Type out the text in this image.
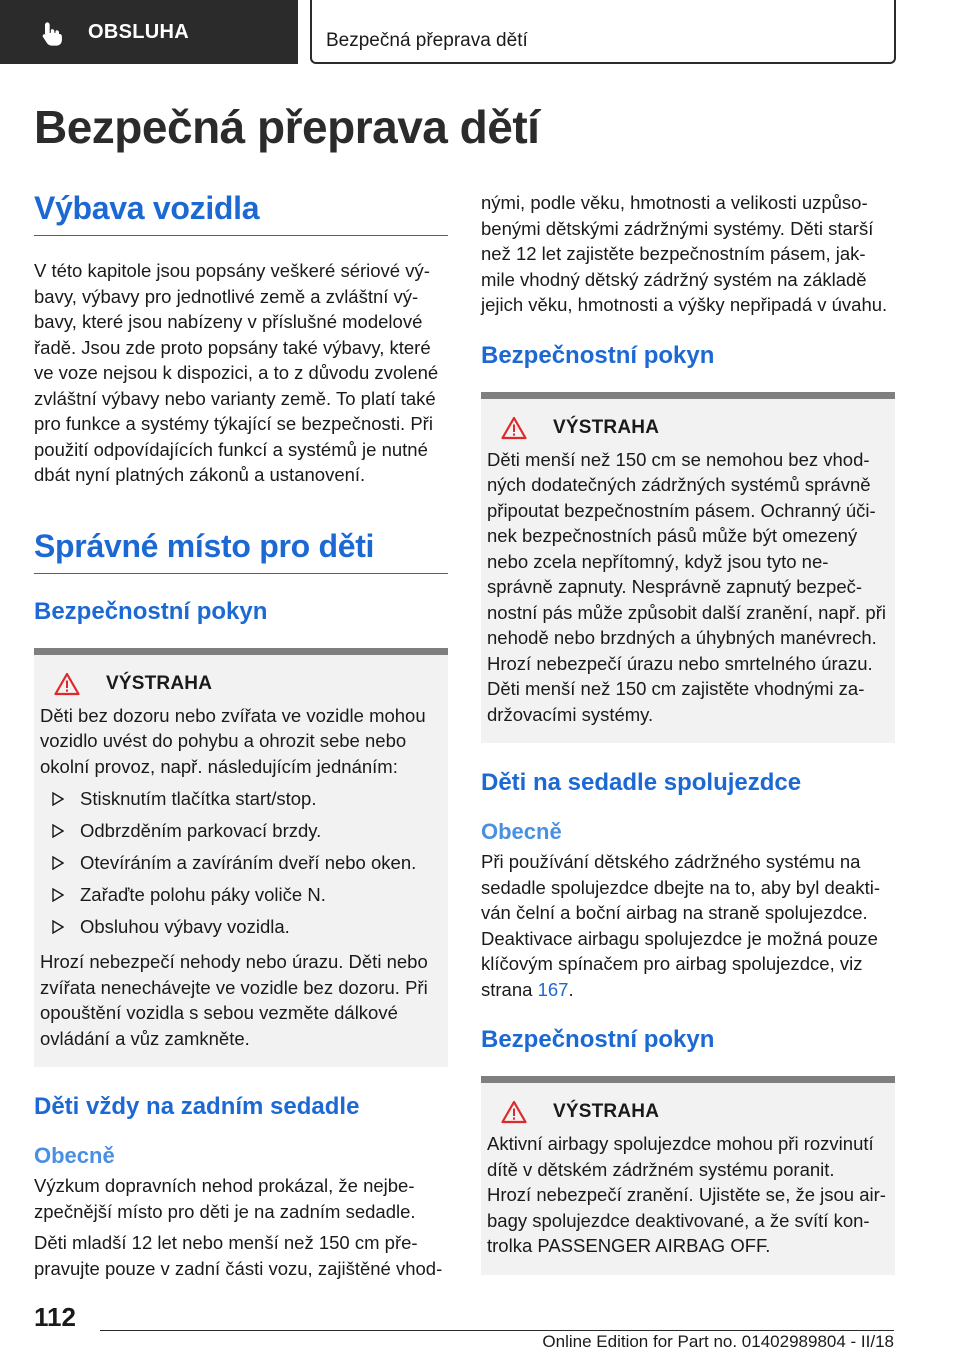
OBSLUHA	Bezpečná přeprava dětí
Bezpečná přeprava dětí
Výbava vozidla

V této kapitole jsou popsány veškeré sériové vý‐
bavy, výbavy pro jednotlivé země a zvláštní vý‐
bavy, které jsou nabízeny v příslušné modelové
řadě. Jsou zde proto popsány také výbavy, které
ve voze nejsou k dispozici, a to z důvodu zvolené
zvláštní výbavy nebo varianty země. To platí také
pro funkce a systémy týkající se bezpečnosti. Při
použití odpovídajících funkcí a systémů je nutné
dbát nyní platných zákonů a ustanovení.

Správné místo pro děti
Bezpečnostní pokyn
VÝSTRAHA

Děti bez dozoru nebo zvířata ve vozidle mohou
vozidlo uvést do pohybu a ohrozit sebe nebo
okolní provoz, např. následujícím jednáním:

Stisknutím tlačítka start/stop.
Odbrzděním parkovací brzdy.
Otevíráním a zavíráním dveří nebo oken.
Zařaďte polohu páky voliče N.
Obsluhou výbavy vozidla.

Hrozí nebezpečí nehody nebo úrazu. Děti nebo
zvířata nenechávejte ve vozidle bez dozoru. Při
opouštění vozidla s sebou vezměte dálkové
ovládání a vůz zamkněte.

Děti vždy na zadním sedadle
Obecně

Výzkum dopravních nehod prokázal, že nejbe‐
zpečnější místo pro děti je na zadním sedadle.

Děti mladší 12 let nebo menší než 150 cm pře‐
pravujte pouze v zadní části vozu, zajištěné vhod‐

nými, podle věku, hmotnosti a velikosti uzpůso‐
benými dětskými zádržnými systémy. Děti starší
než 12 let zajistěte bezpečnostním pásem, jak‐
mile vhodný dětský zádržný systém na základě
jejich věku, hmotnosti a výšky nepřipadá v úvahu.

Bezpečnostní pokyn
VÝSTRAHA

Děti menší než 150 cm se nemohou bez vhod‐
ných dodatečných zádržných systémů správně
připoutat bezpečnostním pásem. Ochranný úči‐
nek bezpečnostních pásů může být omezený
nebo zcela nepřítomný, když jsou tyto ne‐
správně zapnuty. Nesprávně zapnutý bezpeč‐
nostní pás může způsobit další zranění, např. při
nehodě nebo brzdných a úhybných manévrech.
Hrozí nebezpečí úrazu nebo smrtelného úrazu.
Děti menší než 150 cm zajistěte vhodnými za‐
držovacími systémy.

Děti na sedadle spolujezdce
Obecně

Při používání dětského zádržného systému na
sedadle spolujezdce dbejte na to, aby byl deakti‐
ván čelní a boční airbag na straně spolujezdce.
Deaktivace airbagu spolujezdce je možná pouze
klíčovým spínačem pro airbag spolujezdce, viz
strana 167.

Bezpečnostní pokyn
VÝSTRAHA

Aktivní airbagy spolujezdce mohou při rozvinutí
dítě v dětském zádržném systému poranit.
Hrozí nebezpečí zranění. Ujistěte se, že jsou air‐
bagy spolujezdce deaktivované, a že svítí kon‐
trolka PASSENGER AIRBAG OFF.

112
Online Edition for Part no. 01402989804 - II/18
